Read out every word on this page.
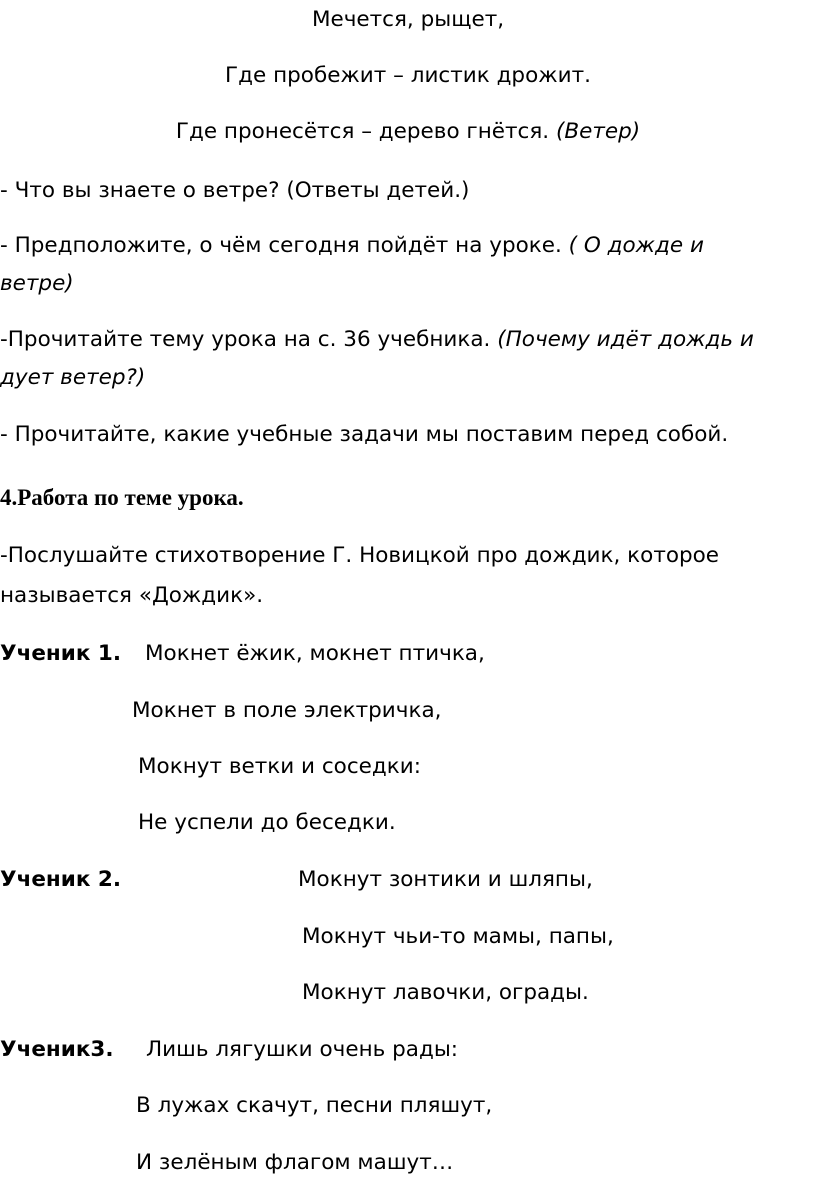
Мечется, рыщет,

Где пробежит – листик дрожит.

Где пронесётся – дерево гнётся. (Ветер)

- Что вы знаете о ветре? (Ответы детей.)

- Предположите, о чём сегодня пойдёт на уроке. ( О дожде и

ветре)

-Прочитайте тему урока на с. 36 учебника. (Почему идёт дождь и

дует ветер?)

- Прочитайте, какие учебные задачи мы поставим перед собой.

4.Работа по теме урока.

-Послушайте стихотворение Г. Новицкой про дождик, которое

называется «Дождик».

Ученик 1. Мокнет ёжик, мокнет птичка,

Мокнет в поле электричка,

Мокнут ветки и соседки:

Не успели до беседки.

Ученик 2.	Мокнут зонтики и шляпы,

Мокнут чьи-то мамы, папы,

Мокнут лавочки, ограды.

Ученик3. Лишь лягушки очень рады:

В лужах скачут, песни пляшут,

И зелёным флагом машут…
